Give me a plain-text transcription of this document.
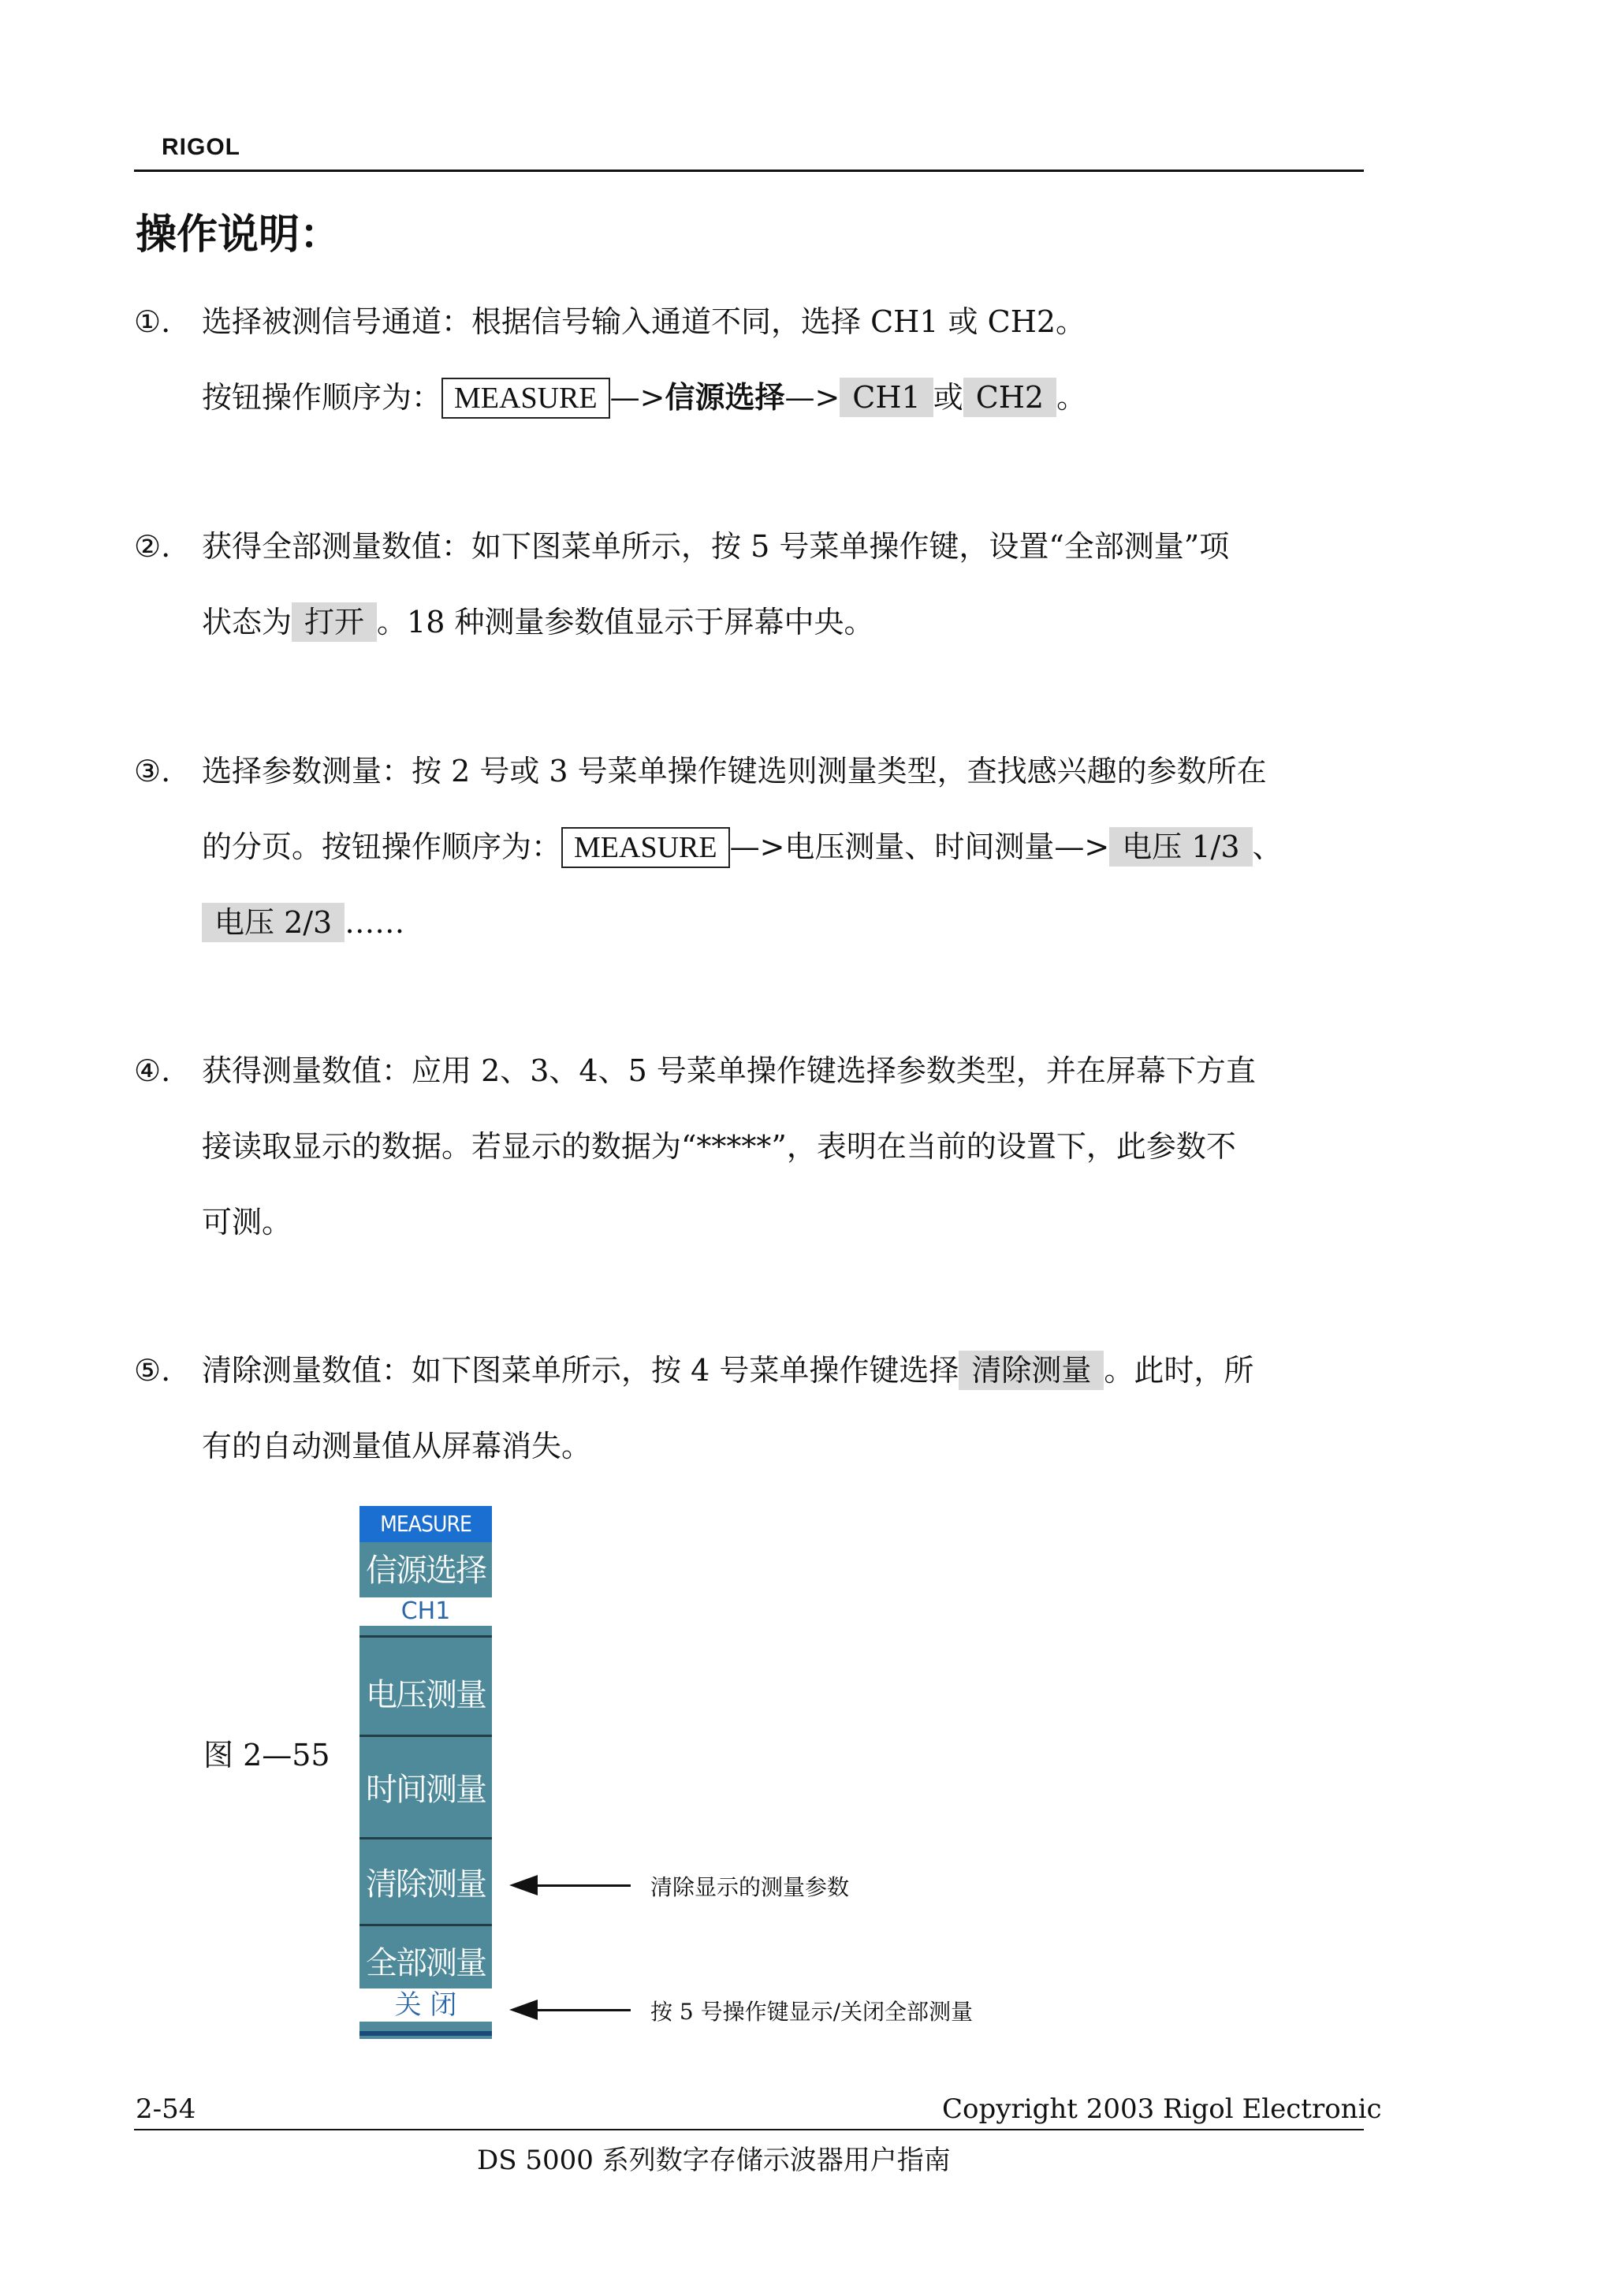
RIGOL
操作说明：
①. 选择被测信号通道：根据信号输入通道不同，选择 CH1 或 CH2。
按钮操作顺序为： MEASURE —>信源选择—> CH1 或 CH2 。
②. 获得全部测量数值：如下图菜单所示，按 5 号菜单操作键，设置“全部测量”项
状态为 打开 。18 种测量参数值显示于屏幕中央。
③. 选择参数测量：按 2 号或 3 号菜单操作键选则测量类型，查找感兴趣的参数所在
的分页。按钮操作顺序为： MEASURE —>电压测量、时间测量—> 电压 1/3 、
电压 2/3 ……
④. 获得测量数值：应用 2、3、4、5 号菜单操作键选择参数类型，并在屏幕下方直
接读取显示的数据。若显示的数据为“*****”，表明在当前的设置下，此参数不
可测。
⑤. 清除测量数值：如下图菜单所示，按 4 号菜单操作键选择 清除测量 。此时，所
有的自动测量值从屏幕消失。
图 2—55
MEASURE
信源选择
CH1
电压测量
时间测量
清除测量
全部测量
关 闭
清除显示的测量参数
按 5 号操作键显示/关闭全部测量
2-54	Copyright 2003 Rigol Electronic
DS 5000 系列数字存储示波器用户指南
